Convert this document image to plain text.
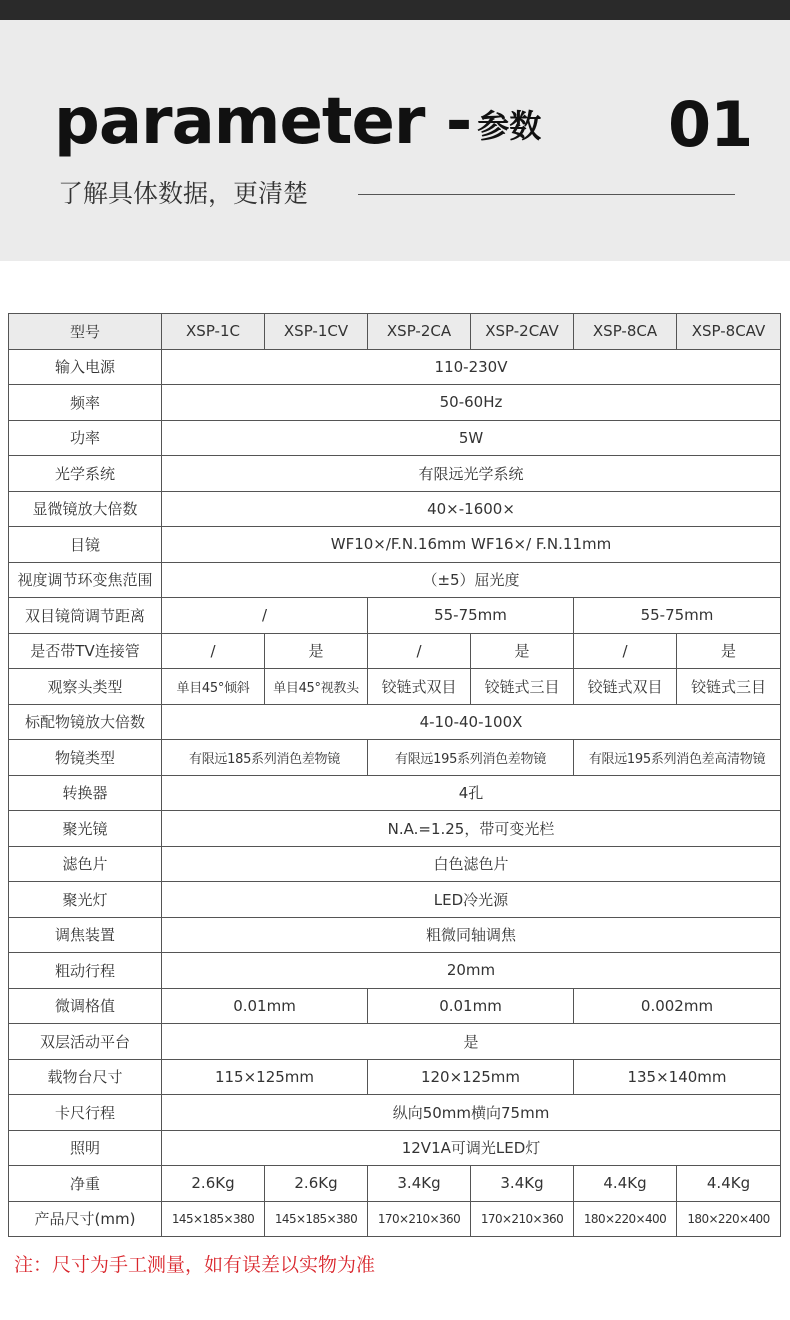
parameter - 参数 01
了解具体数据，更清楚
型号	XSP-1C	XSP-1CV	XSP-2CA	XSP-2CAV	XSP-8CA	XSP-8CAV
输入电源	110-230V					
频率	50-60Hz					
功率	5W					
光学系统	有限远光学系统					
显微镜放大倍数	40×-1600×					
目镜	WF10×/F.N.16mm WF16×/ F.N.11mm					
视度调节环变焦范围	（±5）屈光度					
双目镜筒调节距离	/		55-75mm		55-75mm	
是否带TV连接管	/	是	/	是	/	是
观察头类型	单目45°倾斜	单目45°视教头	铰链式双目	铰链式三目	铰链式双目	铰链式三目
标配物镜放大倍数	4-10-40-100X					
物镜类型	有限远185系列消色差物镜		有限远195系列消色差物镜		有限远195系列消色差高清物镜	
转换器	4孔					
聚光镜	N.A.=1.25，带可变光栏					
滤色片	白色滤色片					
聚光灯	LED冷光源					
调焦装置	粗微同轴调焦					
粗动行程	20mm					
微调格值	0.01mm		0.01mm		0.002mm	
双层活动平台	是					
载物台尺寸	115×125mm		120×125mm		135×140mm	
卡尺行程	纵向50mm横向75mm					
照明	12V1A可调光LED灯					
净重	2.6Kg	2.6Kg	3.4Kg	3.4Kg	4.4Kg	4.4Kg
产品尺寸(mm)	145×185×380	145×185×380	170×210×360	170×210×360	180×220×400	180×220×400
注：尺寸为手工测量，如有误差以实物为准
